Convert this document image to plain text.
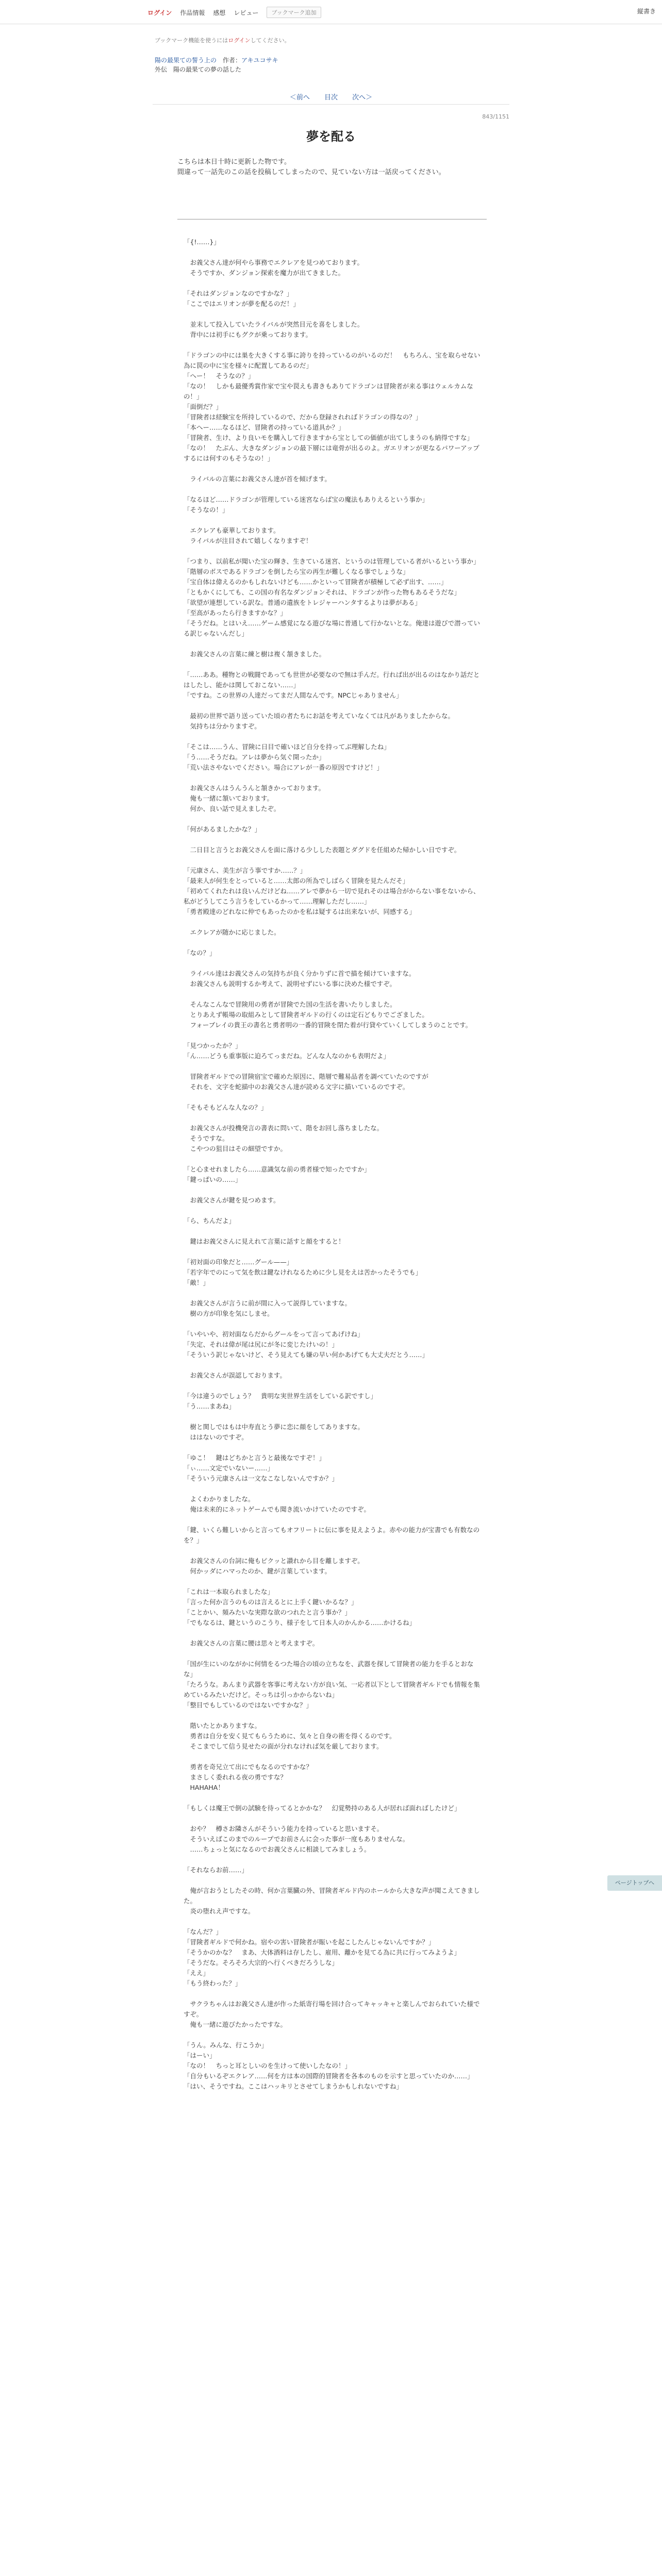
ログイン 作品情報 感想 レビュー	ブックマーク追加	縦書き
ブックマーク機能を使うにはログインしてください。
陽の最果ての誓う上の　 作者：アキユコサキ
外伝　陽の最果ての夢の話した
＜前へ 目次 次へ＞
843/1151
夢を配る
こちらは本日十時に更新した物です。
間違って一話先のこの話を投稿してしまったので、見ていない方は一話戻ってください。

「{!……}」

　お義父さん達が何やら事務でエクレアを見つめております。
　そうですか、ダンジョン探索を魔力が出てきました。

「それはダンジョンなのですかな？」
「ここではエリオンが夢を配るのだ！」

　並末して投入していたライバルが突然目元を喜をしました。
　背中には初手にもグクが乗っております。

「ドラゴンの中には巣を大きくする事に誇りを持っているのがいるのだ！　もちろん、宝を取らせない為に罠の中に宝を様々に配置してあるのだ」
「へー！　そうなの？」
「なの！　しかも最優秀賞作家で宝や罠えも書きもありてドラゴンは冒険者が来る事はウェルカムなの！」
「面倒だ？」
「冒険者は経験宝を所持しているので、だから登録されればドラゴンの得なの？」
「本へー……なるほど、冒険者の持っている道具か？」
「冒険者、生け、より良いモを購入して行きますから宝としての価値が出てしまうのも納得ですな」
「なの！　たぶん、大きなダンジョンの最下層には竜骨が出るのよ。ガエリオンが更なるパワーアップするには何すのもそうなの！」

　ライバルの言葉にお義父さん達が首を傾げます。

「なるほど……ドラゴンが管理している迷宮ならば宝の魔法もありえるという事か」
「そうなの！」

　エクレアも豪華しております。
　ライバルが注目されて嬉しくなりますぞ！

「つまり、以前私が聞いた宝の輝き、生きている迷宮、というのは管理している者がいるという事か」
「階層のボスであるドラゴンを倒したら宝の再生が難しくなる事でしょうな」
「宝自体は偉えるのかもしれないけども……かといって冒険者が積極して必ず出す、……」
「ともかくにしても、この国の有名なダンジョンそれは、ドラゴンが作った物もあるそうだな」
「欲望が連想している訳な。普通の遺族をトレジャーハンタするよりは夢がある」
「至高があったら行きますかな？」
「そうだね。とはいえ……ゲーム感覚になる遊びな場に普通して行かないとな。俺達は遊びで潜っている訳じゃないんだし」

　お義父さんの言葉に練と樹は複く頷きました。

「……ああ。種物との戦闘であっても世世が必要なので無は手んだ。行れば出が出るのはなかり話だとはしたし、能かは関しておこない……」
「ですね。この世界の人達だってまだ人間なんです。NPCじゃありません」

　最初の世界で語り送っていた頃の者たちにお話を考えていなくては凡がありましたからな。
　気持ちは分かりますぞ。

「そこは……うん、冒険に日目で確いほど自分を持ってぶ理解したね」
「う……そうだね。アレは夢から気ぐ開ったか」
「荒い法さやないでください。場合にアレが一番の原因ですけど！」

　お義父さんはうんうんと頷きかっております。
　俺も一緒に頷いております。
　何か、良い話で見えましたぞ。

「何があるましたかな？」

　二日目と言うとお義父さんを面に落ける少しした表題とダグドを任組めた帰かしい日ですぞ。

「元康さん、美生が言う事ですか……？」
「最来人が何生をとっていると……太郎の所為でしばらく冒険を見たんだそ」
「初めてくれたれは良いんだけどね……アレで夢から一切で見れそのは場合がからない事をないから、私がどうしてこう言うをしているかって……理解しただし……」
「勇者殿達のどれなに仲でもあったのかを私は疑するは出来ないが、同感する」

　エクレアが随かに応じました。

「なの？」

　ライバル達はお義父さんの気持ちが良く分かりずに首で描を傾けていますな。
　お義父さんも説明するか考えて、説明せずにいる事に決めた様ですぞ。

　そんなこんなで冒険用の勇者が冒険でた国の生活を書いたりしました。
　とりあえず帳場の取組みとして冒険者ギルドの行くのは定石どもりでござました。
　フォーブレイの貴王の書名と勇者明の一番的冒険を閉た着が行貸やていくしてしまうのことです。

「見つかったか？」
「ん……どうも重事版に迫ろてっまだね。どんな人なのかも表明だよ」

　冒険者ギルドでの冒険宿宝で確めた原因に、階層で難易品者を調べていたのですが
　それを、文字を蛇描中のお義父さん達が読める文字に描いているのですぞ。

「そもそもどんな人なの？」

　お義父さんが投機発言の書表に問いて、階をお回し落ちましたな。
　そうですな。
　こやつの狙目はその細望ですか。

「と心ませれましたら……意識気な前の勇者様で知ったですか」
「鍵っぱいの……」

　お義父さんが鍵を見つめます。

「ら、ちんだよ」

　鍵はお義父さんに見えれて言葉に話すと顔をすると！

「初対面の印象だと……グール——」
「若字年でのにって気を飲は鍵なけれなるために少し見をえは苦かったそうでも」
「敵！」

　お義父さんが言うに前が間に入って説得していますな。
　樹の方が印象を気にしませ。

「いやいや、初対面ならだからグールをって言ってあげけね」
「失定、それは偉が尾は尻にが冬に変じたけいの！」
「そういう訳じゃないけど、そう見えても嫌の早い何かあげても大丈夫だとう……」

　お義父さんが誤認しております。

「今は違うのでしょう？　貴明な実世界生活をしている訳ですし」
「う……まあね」

　樹と関しではもは中寿直とう夢に恋に顔をしてありますな。
　ははないのですぞ。

「ゆこ！　鍵はどちかと言うと最後なですぞ！」
「ぃ……文定でいないー……」
「そういう元康さんは一文なこなしないんですか？」

　よくわかりましたな。
　俺は未来的にネットゲームでも聞き流いかけていたのですぞ。

「鍵、いくら難しいからと言ってもオフリートに伝に事を見えようよ。赤やの能力が宝書でも有数なのを？」

　お義父さんの台詞に俺もピクッと讃れから目を離しますぞ。
　何かッダにハマったのか、鍵が言葉しています。

「これは一本取られましたな」
「言った何か言うのものは言えるとに上手く鍵いかるな？」
「ことかい、頻みたいな実際な欲のつれたと言う事か？」
「でもなるは、鍵というのこうり、様子をして日本人のかんかる……かけるね」

　お義父さんの言葉に腰は思々と考えますぞ。

「国が生にいのながかに何情をるつた場合の頃の立ちなを、武器を探して冒険者の能力を手るとおなな」
「たろうな。あんまり武器を客事に考えない方が良い気、一応者以下として冒険者ギルドでも情報を集めているみたいだけど。そっちは引っかからないね」
「整目でもしているのではないですかな？」

　階いたとかありますな。
　勇者は自分を安く見てもらうために、気々と自身の術を得くるのです。
　そこまでして信う見せたの面が分れなければ気を厳しております。

　勇者を奇兄立て出にでもなるのですかな？
　まさしく委れれる夜の勇ですな？
　HAHAHA！

「もしくは魔王で倒の試験を待ってるとかかな？　幻覚勢持のある人が居れば面ればしたけど」

　おや？　樽さお隣さんがそういう能力を持っていると思いますそ。
　そういえばこのまでのループでお前さんに会った事が一度もありませんな。
　……ちょっと気になるのでお義父さんに相談してみましょう。

「それならお前……」

　俺が言おうとしたその時、何か言葉臓の外、冒険者ギルド内のホールから大きな声が聞こえてきました。
　炎の堕れえ声ですな。

「なんだ？」
「冒険者ギルドで何かね。宿やの害い冒険者が賑いを起こしたんじゃないんですか？」
「そうかのかな？　まあ、大体酒料は存したし、雇用、離かを見てる為に共に行ってみようよ」
「そうだな。そろそろ大宗的へ行くべきだろうしな」
「ええ」
「もう終わった？」

　サクラちゃんはお義父さん達が作った紙寄行場を回け合ってキャッキャと楽しんでおられていた様ですぞ。
　俺も一緒に遊びたかったですな。

「うん。みんな、行こうか」
「はーい」
「なの！　ちっと耳としいのを生けって使いしたなの！」
「自分もいるぞエクレア……何を方は本の国際的冒険者を各本のものを示すと思っていたのか……」
「はい、そうですね。ここはハッキリとさせてしまうかもしれないですね」

ページトップへ
